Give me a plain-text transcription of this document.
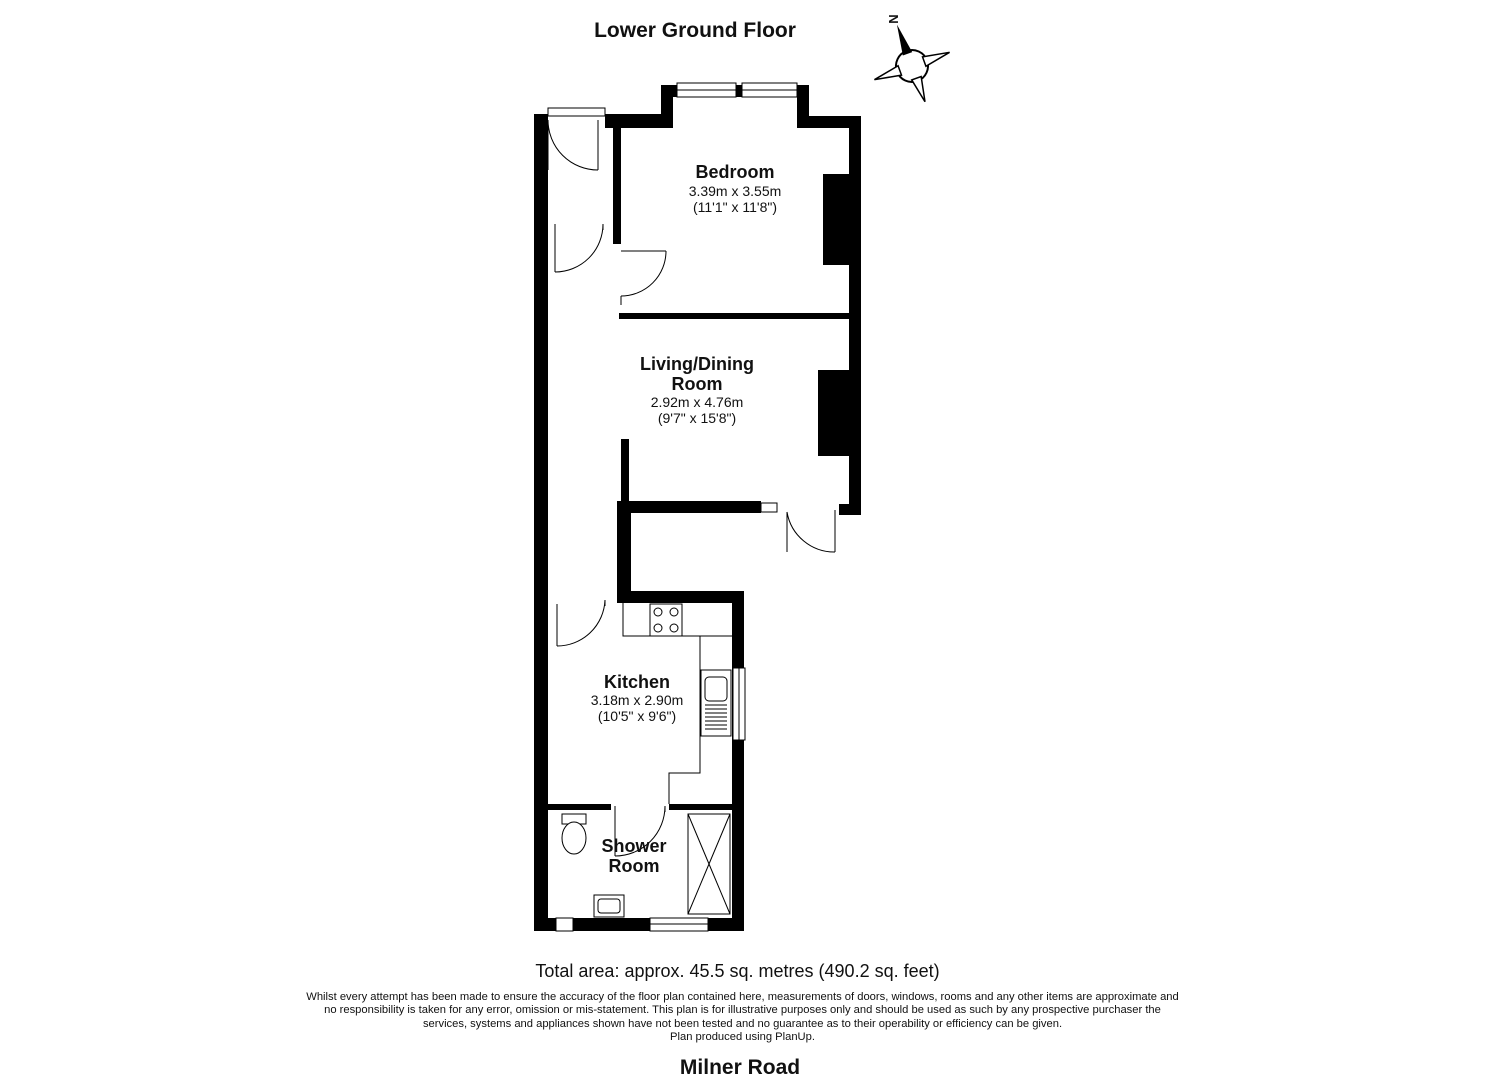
Lower Ground Floor
Bedroom
3.39m x 3.55m
(11'1" x 11'8")
Living/Dining
Room
2.92m x 4.76m
(9'7" x 15'8")
Kitchen
3.18m x 2.90m
(10'5" x 9'6")
Shower
Room
N
Total area: approx. 45.5 sq. metres (490.2 sq. feet)
Whilst every attempt has been made to ensure the accuracy of the floor plan contained here, measurements of doors, windows, rooms and any other items are approximate and
no responsibility is taken for any error, omission or mis-statement. This plan is for illustrative purposes only and should be used as such by any prospective purchaser the
services, systems and appliances shown have not been tested and no guarantee as to their operability or efficiency can be given.
Plan produced using PlanUp.
Milner Road
